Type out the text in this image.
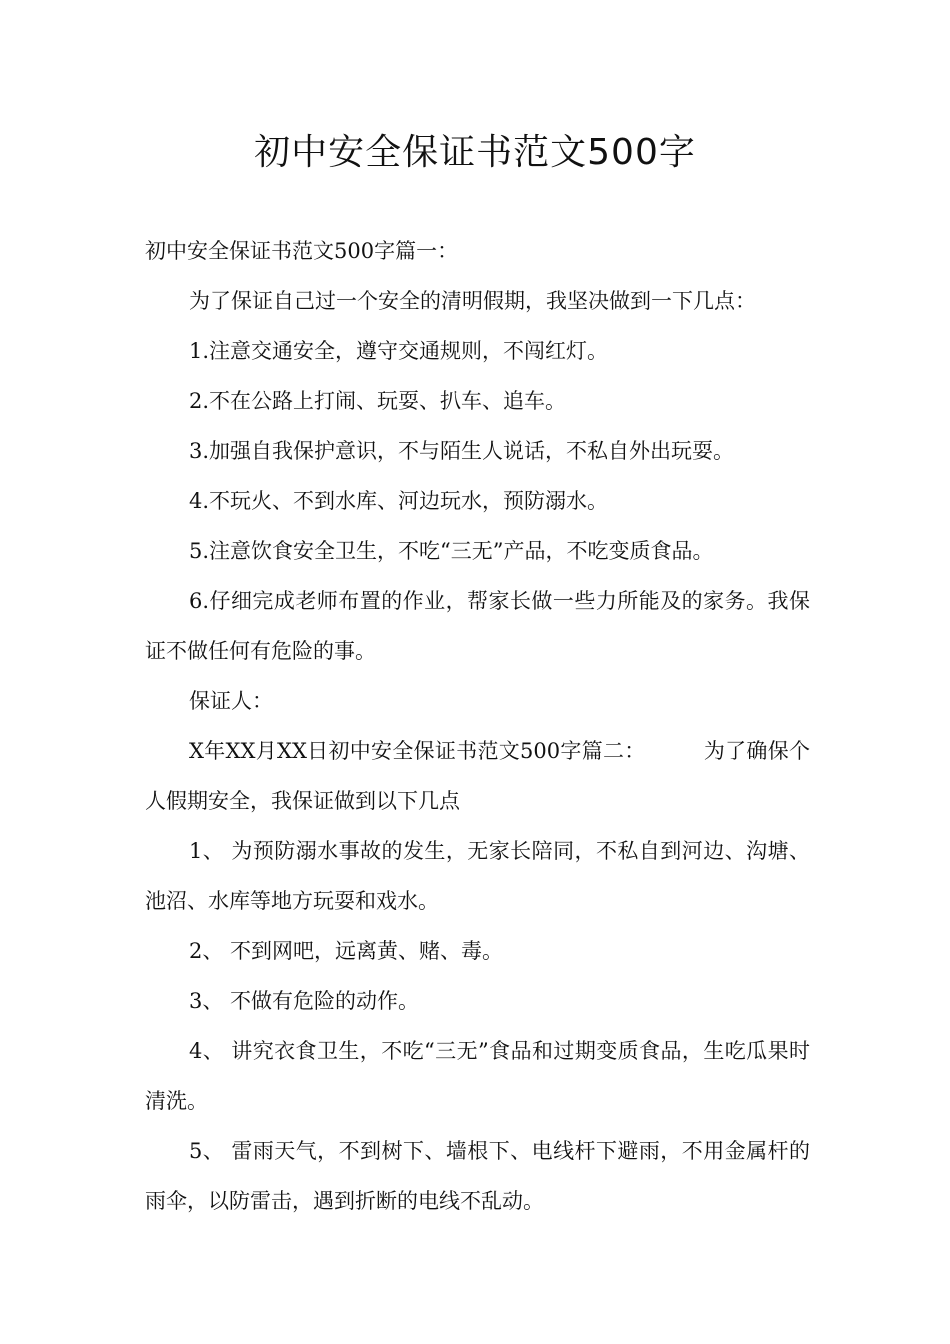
初中安全保证书范文500字

初中安全保证书范文500字篇一：

为了保证自己过一个安全的清明假期，我坚决做到一下几点：

1.注意交通安全，遵守交通规则，不闯红灯。

2.不在公路上打闹、玩耍、扒车、追车。

3.加强自我保护意识，不与陌生人说话，不私自外出玩耍。

4.不玩火、不到水库、河边玩水，预防溺水。

5.注意饮食安全卫生，不吃“三无”产品，不吃变质食品。

6.仔细完成老师布置的作业，帮家长做一些力所能及的家务。我保证不做任何有危险的事。

保证人：

X年XX月XX日初中安全保证书范文500字篇二：	为了确保个人假期安全，我保证做到以下几点

1、 为预防溺水事故的发生，无家长陪同，不私自到河边、沟塘、池沼、水库等地方玩耍和戏水。

2、 不到网吧，远离黄、赌、毒。

3、 不做有危险的动作。

4、 讲究衣食卫生，不吃“三无”食品和过期变质食品，生吃瓜果时清洗。

5、 雷雨天气，不到树下、墙根下、电线杆下避雨，不用金属杆的雨伞，以防雷击，遇到折断的电线不乱动。
